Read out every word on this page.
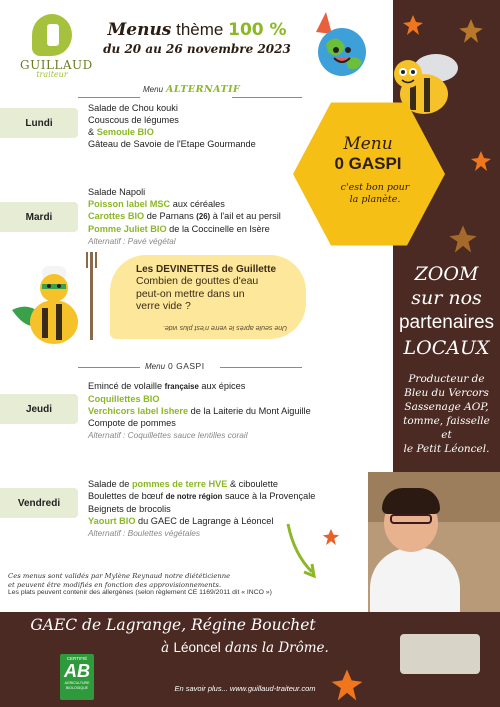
GUILLAUD
traiteur
Menus thème 100 %
du 20 au 26 novembre 2023
Menu
0 GASPI
c'est bon pour
la planète.
Menu ALTERNATIF
Lundi
Salade de Chou kouki
Couscous de légumes
& Semoule BIO
Gâteau de Savoie de l'Etape Gourmande
Mardi
Salade Napoli
Poisson label MSC aux céréales
Carottes BIO de Parnans (26) à l'ail et au persil
Pomme Juliet BIO de la Coccinelle en Isère
Alternatif : Pavé végétal
Les DEVINETTES de Guillette
Combien de gouttes d'eau
peut-on mettre dans un
verre vide ?
Une seule après le verre n'est plus vide.
Menu 0 GASPI
Jeudi
Emincé de volaille française aux épices
Coquillettes BIO
Verchicors label Ishere de la Laiterie du Mont Aiguille
Compote de pommes
Alternatif : Coquillettes sauce lentilles corail
Vendredi
Salade de pommes de terre HVE & ciboulette
Boulettes de bœuf de notre région sauce à la Provençale
Beignets de brocolis
Yaourt BIO du GAEC de Lagrange à Léoncel
Alternatif : Boulettes végétales
Ces menus sont validés par Mylène Reynaud notre diététicienne
et peuvent être modifiés en fonction des approvisionnements.
Les plats peuvent contenir des allergènes (selon règlement CE 1169/2011 dit « INCO »)
ZOOM
sur nos
partenaires
LOCAUX
Producteur de
Bleu du Vercors
Sassenage AOP,
tomme, faisselle et
le Petit Léoncel.
GAEC de Lagrange, Régine Bouchet
à Léoncel dans la Drôme.
En savoir plus... www.guillaud-traiteur.com
CERTIFIÉ
AB
AGRICULTURE
BIOLOGIQUE
